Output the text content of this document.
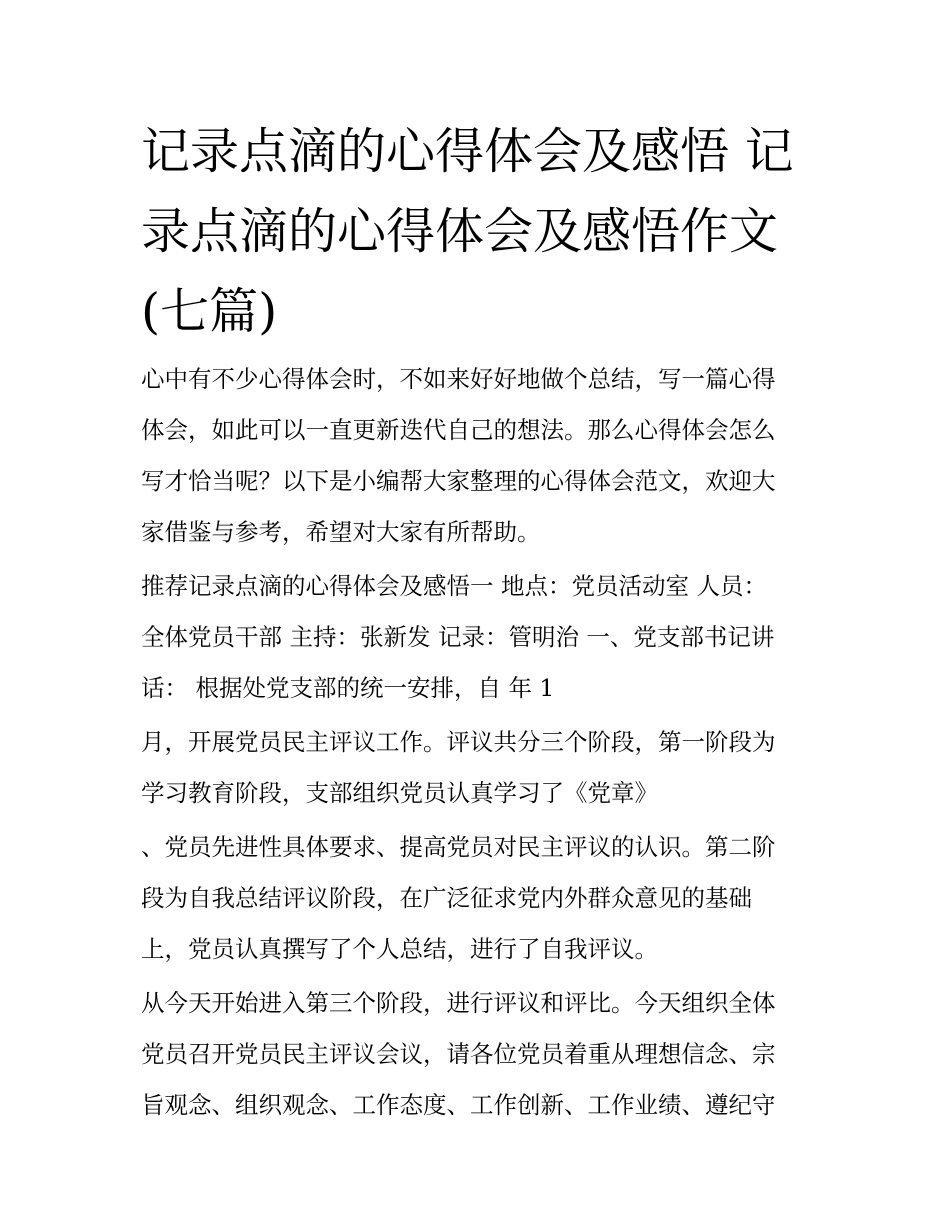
记录点滴的心得体会及感悟 记
录点滴的心得体会及感悟作文
(七篇)
心中有不少心得体会时，不如来好好地做个总结，写一篇心得
体会，如此可以一直更新迭代自己的想法。那么心得体会怎么
写才恰当呢？以下是小编帮大家整理的心得体会范文，欢迎大
家借鉴与参考，希望对大家有所帮助。
推荐记录点滴的心得体会及感悟一 地点：党员活动室 人员：
全体党员干部 主持：张新发 记录：管明治 一、党支部书记讲
话： 根据处党支部的统一安排，自 年 1
月，开展党员民主评议工作。评议共分三个阶段，第一阶段为
学习教育阶段，支部组织党员认真学习了《党章》
、党员先进性具体要求、提高党员对民主评议的认识。第二阶
段为自我总结评议阶段，在广泛征求党内外群众意见的基础
上，党员认真撰写了个人总结，进行了自我评议。
从今天开始进入第三个阶段，进行评议和评比。今天组织全体
党员召开党员民主评议会议，请各位党员着重从理想信念、宗
旨观念、组织观念、工作态度、工作创新、工作业绩、遵纪守
